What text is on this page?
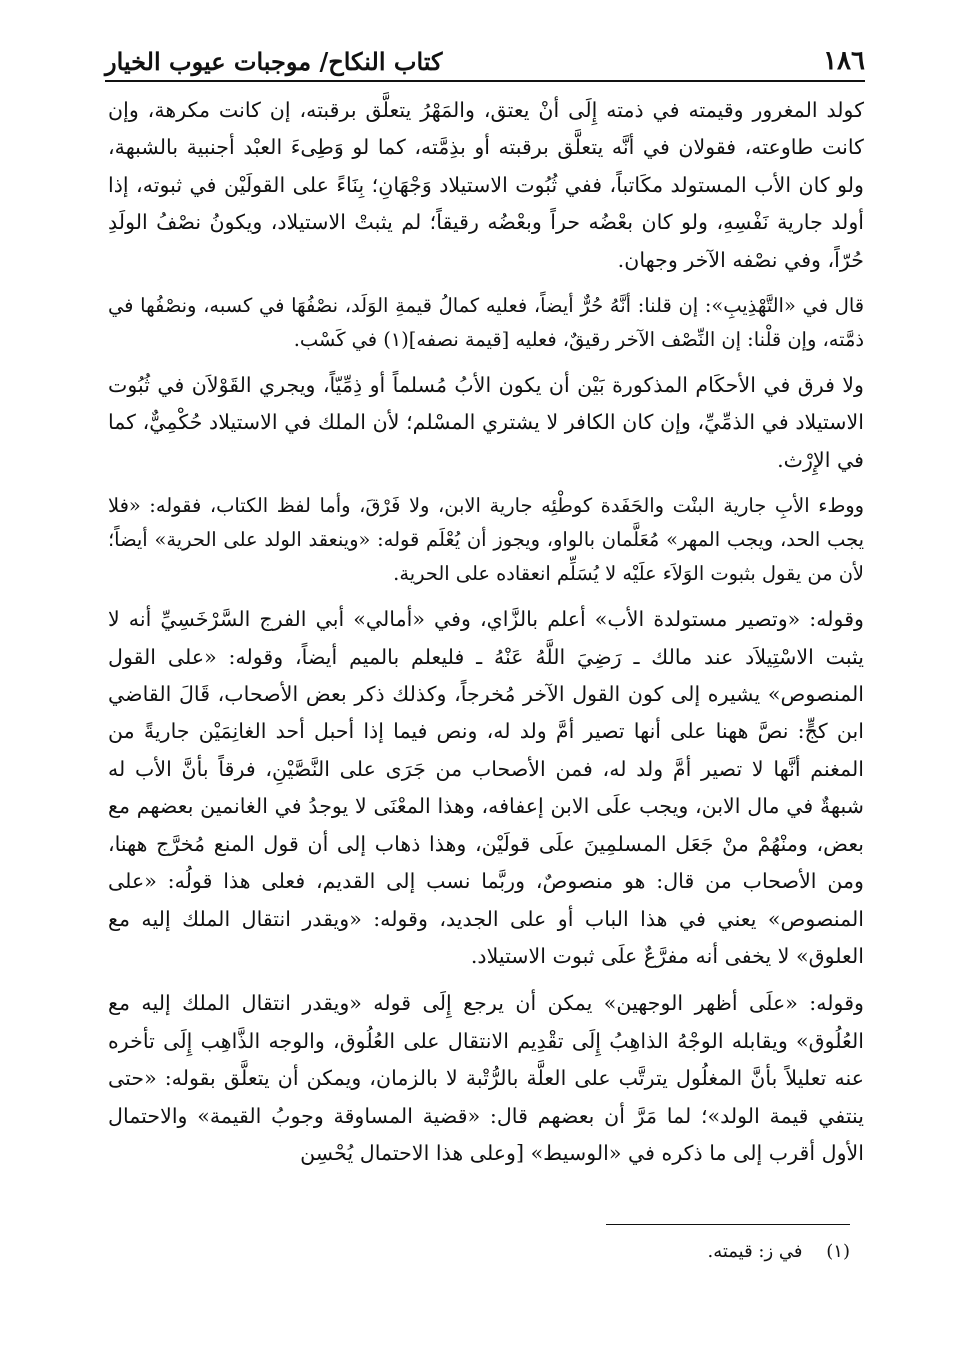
١٨٦
كتاب النكاح/ موجبات عيوب الخيار

كولد المغرور وقيمته في ذمته إِلَى أنْ يعتق، والمَهْرُ يتعلَّق برقبته، إن كانت مكرهة، وإن كانت طاوعته، فقولان في أنَّه يتعلَّق برقبته أو بذِمَّته، كما لو وَطِىءَ العبْد أجنبية بالشبهة، ولو كان الأب المستولد مكَاتباً، ففي ثُبُوت الاستيلاد وَجْهَانِ؛ بِنَاءً على القولَيْن في ثبوته، إذا أولد جارية نَفْسِهِ، ولو كان بعْضُه حراً وبعْضُه رقيقاً؛ لم يثبتْ الاستيلاد، ويكونُ نصْفُ الولَدِ حُرّاً، وفي نصْفه الآخر وجهان.

قال في «التَّهْذِيبِ»: إن قلنا: أنَّهُ حُرٌّ أيضاً، فعليه كمالُ قيمةِ الوَلَد، نصْفُهَا في كسبه، ونصْفُها في ذمَّته، وإن قلْنا: إن النِّصْف الآخر رقيقٌ، فعليه [قيمة نصفه](١) في كَسْب.

ولا فرق في الأحكَام المذكورة بَيْن أن يكون الأبُ مُسلماً أو ذِمِّيّاً، ويجري القَوْلاَن في ثُبُوت الاستيلاد في الذمِّيِّ، وإن كان الكافر لا يشتري المسْلم؛ لأن الملك في الاستيلاد حُكْمِيٌّ، كما في الإِرْث.

ووطء الأبِ جارية البنْت والحَفَدة كوطْئِه جارية الابن، ولا فَرْقَ، وأما لفظ الكتاب، فقوله: «فلا يجب الحد، ويجب المهر» مُعَلَّمان بالواو، ويجوز أن يُعْلَم قوله: «وينعقد الولد على الحرية» أيضاً؛ لأن من يقول بثبوت الوَلاَء علَيْه لا يُسَلِّم انعقاده على الحرية.

وقوله: «وتصير مستولدة الأب» أعلم بالزَّاي، وفي «أمالي» أبي الفرج السَّرْخَسِيِّ أنه لا يثبت الاسْتِيلاَد عند مالك ـ رَضِيَ اللَّهُ عَنْهُ ـ فليعلم بالميم أيضاً، وقوله: «على القول المنصوص» يشيره إلى كون القول الآخر مُخرجاً، وكذلك ذكر بعض الأصحاب، قَالَ القاضي ابن كجٍّ: نصَّ ههنا على أنها تصير أمَّ ولد له، ونص فيما إذا أحبل أحد الغانِمَيْن جاريةً من المغنم أنَّها لا تصير أمَّ ولد له، فمن الأصحاب من جَرَى على النَّصَّيْنِ، فرقاً بأنَّ الأب له شبهةٌ في مال الابن، ويجب علَى الابن إعفافه، وهذا المعْنَى لا يوجدُ في الغانمين بعضهم مع بعض، ومنْهُمْ منْ جَعَل المسلمِينَ علَى قولَيْن، وهذا ذهاب إلى أن قول المنع مُخرَّج ههنا، ومن الأصحاب من قال: هو منصوصٌ، وربَّما نسب إلى القديم، فعلى هذا قولُه: «على المنصوص» يعني في هذا الباب أو على الجديد، وقوله: «ويقدر انتقال الملك إليه مع العلوق» لا يخفى أنه مفرَّعٌ علَى ثبوت الاستيلاد.

وقوله: «علَى أظهر الوجهين» يمكن أن يرجع إِلَى قوله «ويقدر انتقال الملك إليه مع العُلُوق» ويقابله الوجْهُ الذاهِبُ إِلَى تقْدِيم الانتقال على العُلُوق، والوجه الذَّاهِب إِلَى تأخره عنه تعليلاً بأنَّ المغلُول يترتَّب على العلَّة بالرُّتْبة لا بالزمان، ويمكن أن يتعلَّق بقوله: «حتى ينتفي قيمة الولد»؛ لما مَرَّ أن بعضهم قال: «قضية المساوقة وجوبُ القيمة» والاحتمال الأول أقرب إلى ما ذكره في «الوسيط» [وعلى هذا الاحتمال يُحْسِن

(١) في ز: قيمته.
